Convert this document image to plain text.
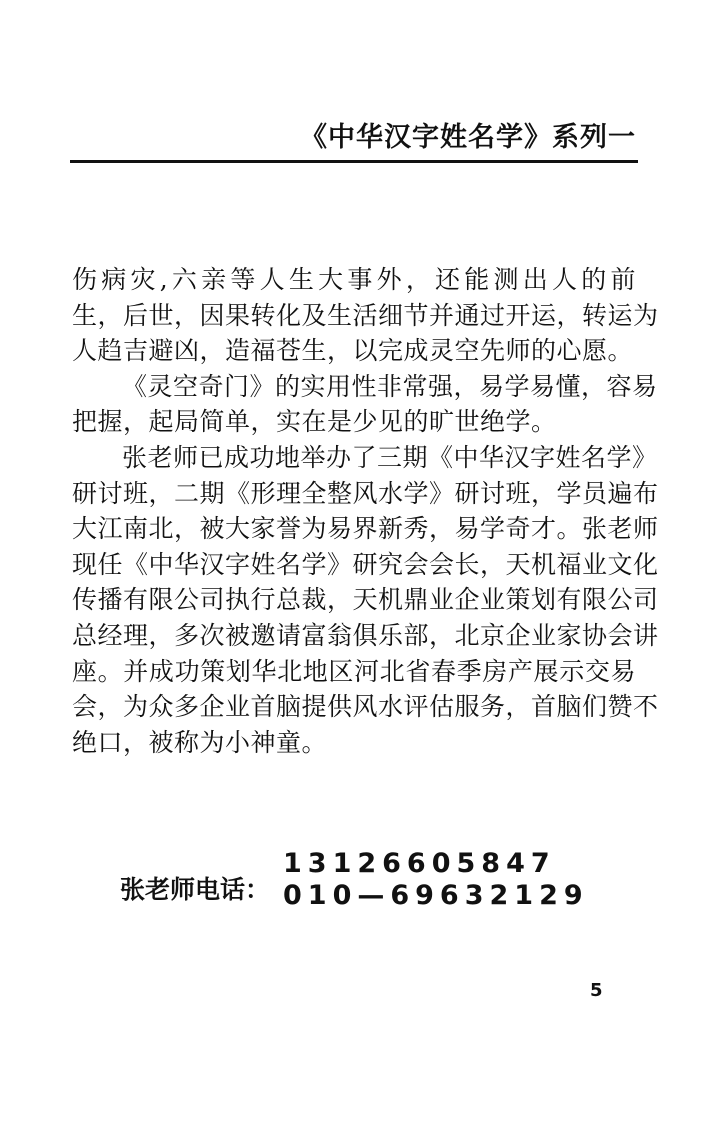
《中华汉字姓名学》系列一

伤病灾,六亲等人生大事外，还能测出人的前
生，后世，因果转化及生活细节并通过开运，转运为
人趋吉避凶，造福苍生，以完成灵空先师的心愿。

《灵空奇门》的实用性非常强，易学易懂，容易
把握，起局简单，实在是少见的旷世绝学。

张老师已成功地举办了三期《中华汉字姓名学》
研讨班，二期《形理全整风水学》研讨班，学员遍布
大江南北，被大家誉为易界新秀，易学奇才。张老师
现任《中华汉字姓名学》研究会会长，天机福业文化
传播有限公司执行总裁，天机鼎业企业策划有限公司
总经理，多次被邀请富翁俱乐部，北京企业家协会讲
座。并成功策划华北地区河北省春季房产展示交易
会，为众多企业首脑提供风水评估服务，首脑们赞不
绝口，被称为小神童。

张老师电话：
13126605847
010—69632129
5
